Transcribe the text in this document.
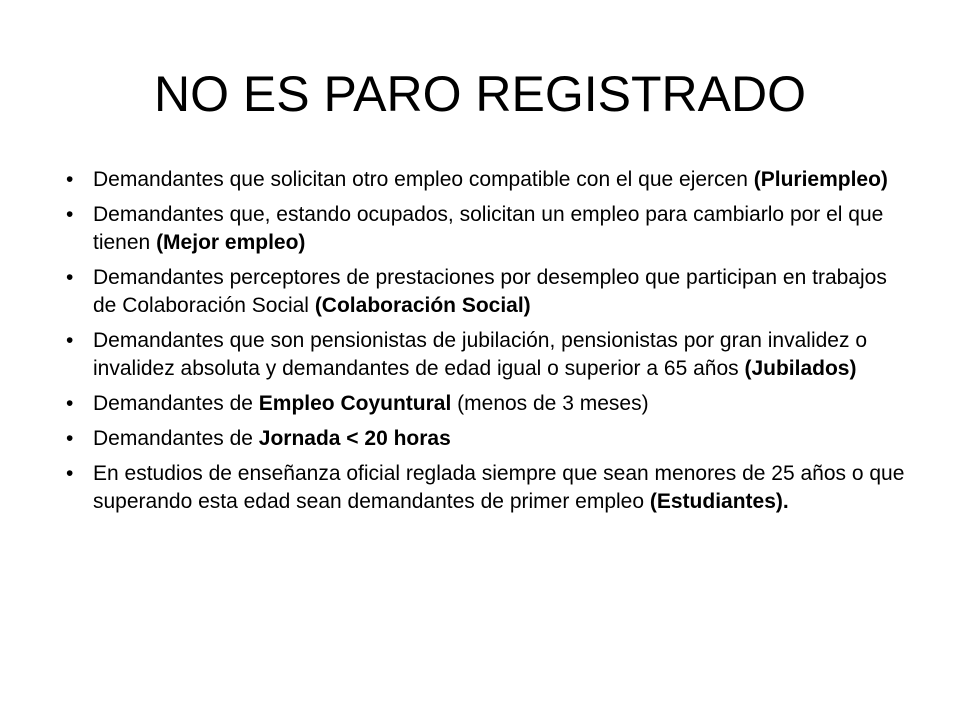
NO ES PARO REGISTRADO
• Demandantes que solicitan otro empleo compatible con el que ejercen (Pluriempleo)
• Demandantes que, estando ocupados, solicitan un empleo para cambiarlo por el que tienen (Mejor empleo)
• Demandantes perceptores de prestaciones por desempleo que participan en trabajos de Colaboración Social (Colaboración Social)
• Demandantes que son pensionistas de jubilación, pensionistas por gran invalidez o invalidez absoluta y demandantes de edad igual o superior a 65 años (Jubilados)
• Demandantes de Empleo Coyuntural (menos de 3 meses)
• Demandantes de Jornada < 20 horas
• En estudios de enseñanza oficial reglada siempre que sean menores de 25 años o que superando esta edad sean demandantes de primer empleo (Estudiantes).
